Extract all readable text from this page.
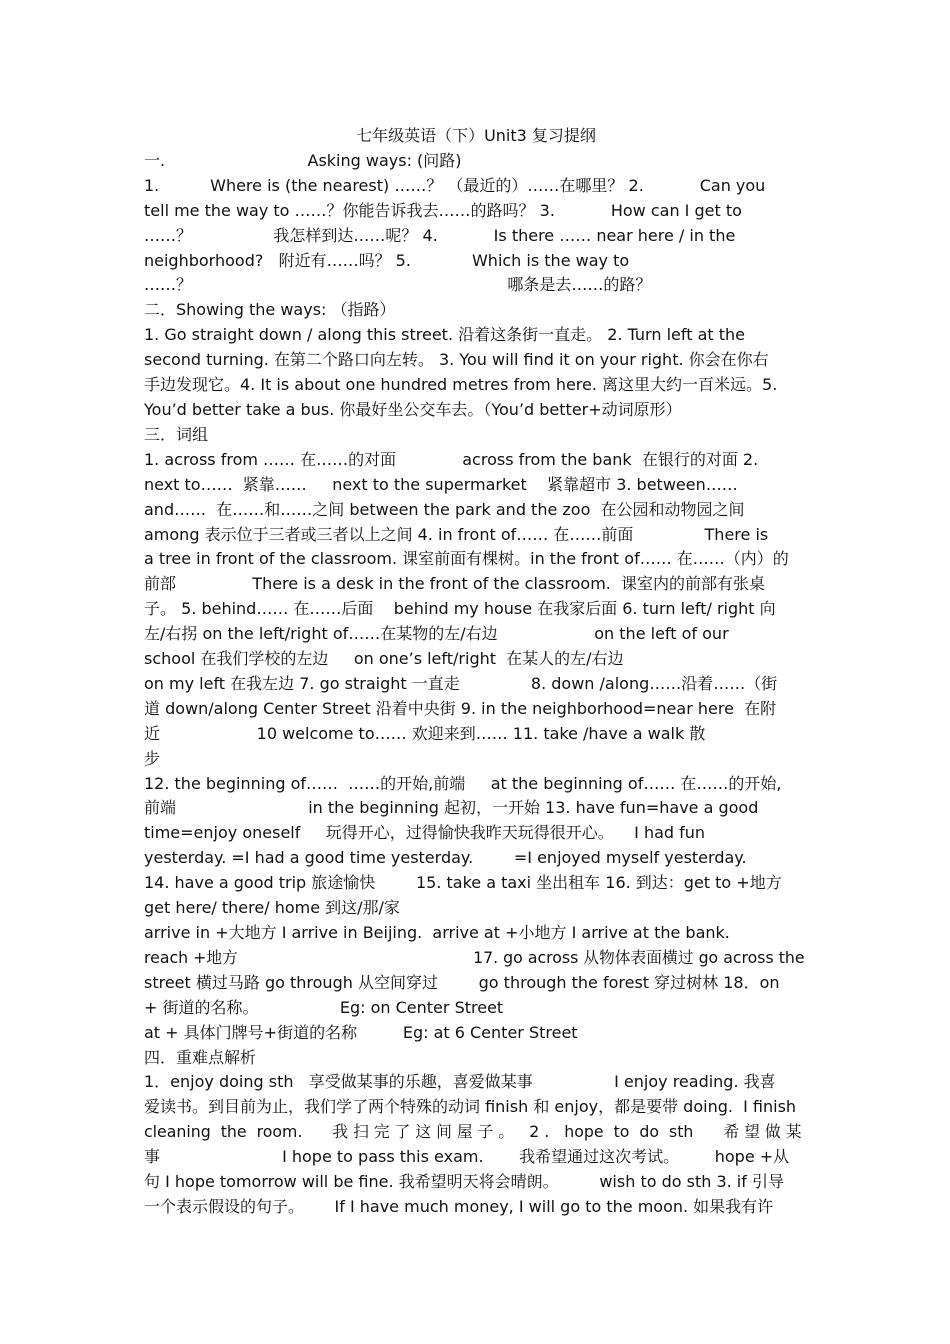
七年级英语（下）Unit3 复习提纲
一.                            Asking ways: (问路)
1.          Where is (the nearest) ……？ （最近的）……在哪里？ 2.           Can you
tell me the way to ……？你能告诉我去……的路吗？ 3.           How can I get to
……？                我怎样到达……呢？ 4.           Is there …… near here / in the
neighborhood?   附近有……吗？ 5.            Which is the way to
……？                                                              哪条是去……的路？
二．Showing the ways: （指路）
1. Go straight down / along this street. 沿着这条街一直走。 2. Turn left at the
second turning. 在第二个路口向左转。 3. You will find it on your right. 你会在你右
手边发现它。4. It is about one hundred metres from here. 离这里大约一百米远。5.
You’d better take a bus. 你最好坐公交车去。（You’d better+动词原形）
三．词组
1. across from …… 在……的对面             across from the bank  在银行的对面 2.
next to……  紧靠……     next to the supermarket    紧靠超市 3. between……
and……  在……和……之间 between the park and the zoo  在公园和动物园之间
among 表示位于三者或三者以上之间 4. in front of…… 在……前面              There is
a tree in front of the classroom. 课室前面有棵树。in the front of…… 在……（内）的
前部               There is a desk in the front of the classroom.  课室内的前部有张桌
子。 5. behind…… 在……后面    behind my house 在我家后面 6. turn left/ right 向
左/右拐 on the left/right of……在某物的左/右边                   on the left of our
school 在我们学校的左边     on one’s left/right  在某人的左/右边
on my left 在我左边 7. go straight 一直走              8. down /along……沿着……（街
道 down/along Center Street 沿着中央街 9. in the neighborhood=near here  在附
近                   10 welcome to…… 欢迎来到…… 11. take /have a walk 散
步
12. the beginning of……  ……的开始,前端     at the beginning of…… 在……的开始,
前端                          in the beginning 起初，一开始 13. have fun=have a good
time=enjoy oneself     玩得开心，过得愉快我昨天玩得很开心。    I had fun
yesterday. =I had a good time yesterday.        =I enjoyed myself yesterday.
14. have a good trip 旅途愉快        15. take a taxi 坐出租车 16. 到达：get to +地方
get here/ there/ home 到这/那/家
arrive in +大地方 I arrive in Beijing.  arrive at +小地方 I arrive at the bank.
reach +地方                                               17. go across 从物体表面横过 go across the
street 横过马路 go through 从空间穿过        go through the forest 穿过树林 18．on
+ 街道的名称。                Eg: on Center Street
at + 具体门牌号+街道的名称         Eg: at 6 Center Street
四．重难点解析
1．enjoy doing sth   享受做某事的乐趣，喜爱做某事                I enjoy reading. 我喜
爱读书。到目前为止，我们学了两个特殊的动词 finish 和 enjoy，都是要带 doing.  I finish
cleaning  the  room.      我 扫 完 了 这 间 屋 子 。   2 .   hope  to  do  sth      希 望 做 某
事                        I hope to pass this exam.       我希望通过这次考试。       hope +从
句 I hope tomorrow will be fine. 我希望明天将会晴朗。        wish to do sth 3. if 引导
一个表示假设的句子。      If I have much money, I will go to the moon. 如果我有许
